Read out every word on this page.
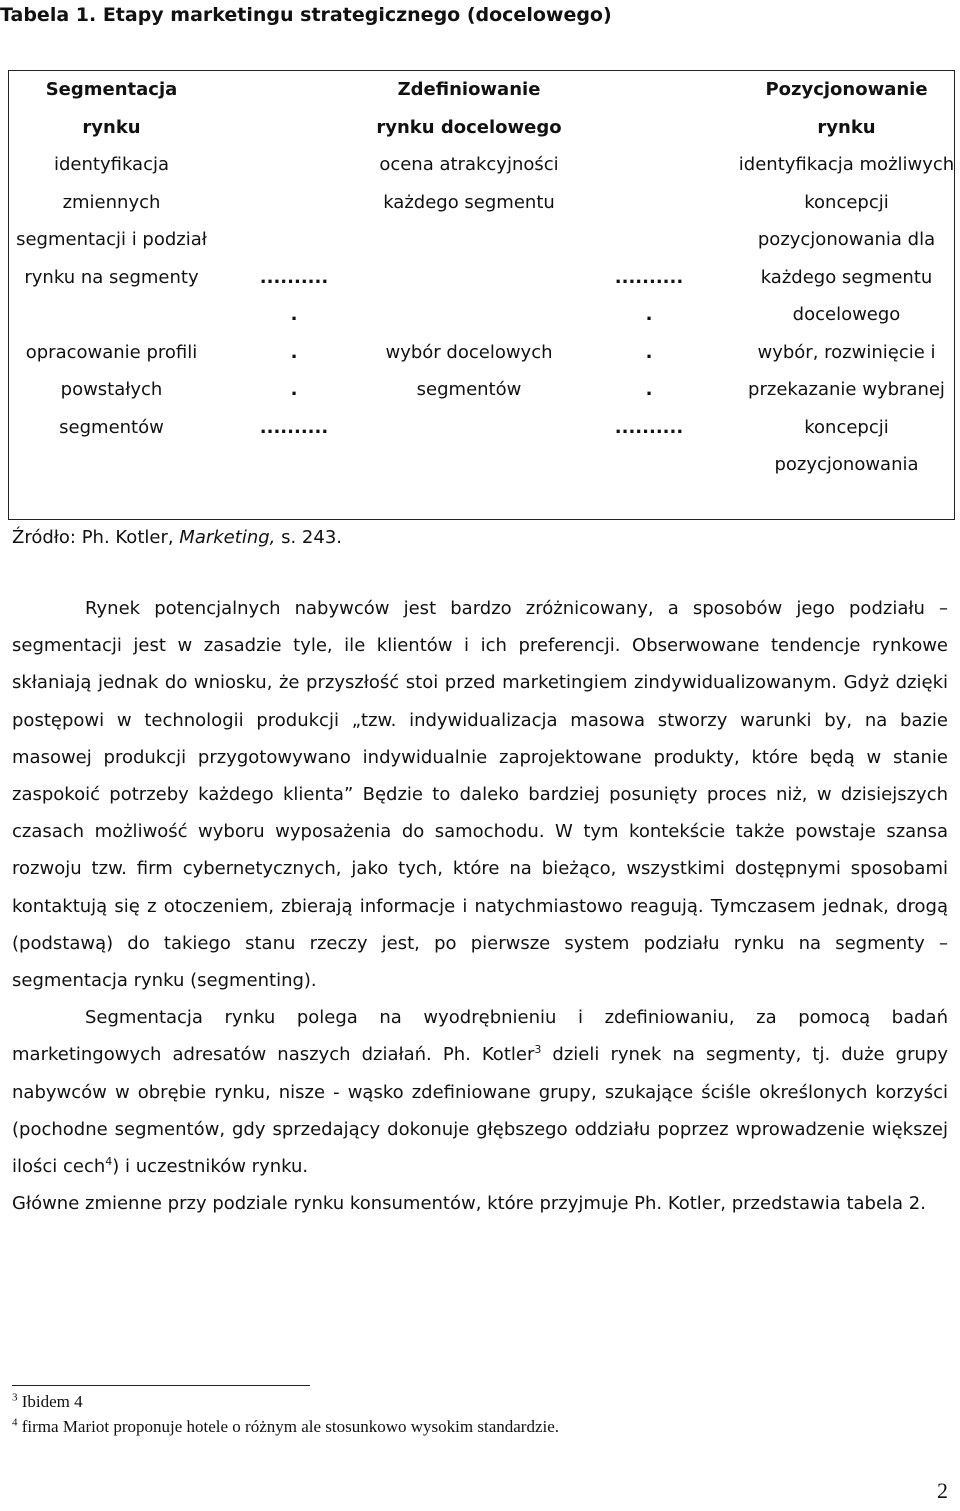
Tabela 1. Etapy marketingu strategicznego (docelowego)
Segmentacja
rynku
identyfikacja
zmiennych
segmentacji i podział
rynku na segmenty

opracowanie profili
powstałych
segmentów

..........
.
.
.
..........
Zdefiniowanie
rynku docelowego
ocena atrakcyjności
każdego segmentu

wybór docelowych
segmentów

..........
.
.
.
..........
Pozycjonowanie
rynku
identyfikacja możliwych
koncepcji
pozycjonowania dla
każdego segmentu
docelowego
wybór, rozwinięcie i
przekazanie wybranej
koncepcji
pozycjonowania
Źródło: Ph. Kotler, Marketing, s. 243.

Rynek potencjalnych nabywców jest bardzo zróżnicowany, a sposobów jego podziału – segmentacji jest w zasadzie tyle, ile klientów i ich preferencji. Obserwowane tendencje rynkowe skłaniają jednak do wniosku, że przyszłość stoi przed marketingiem zindywidualizowanym. Gdyż dzięki postępowi w technologii produkcji „tzw. indywidualizacja masowa stworzy warunki by, na bazie masowej produkcji przygotowywano indywidualnie zaprojektowane produkty, które będą w stanie zaspokoić potrzeby każdego klienta” Będzie to daleko bardziej posunięty proces niż, w dzisiejszych czasach możliwość wyboru wyposażenia do samochodu. W tym kontekście także powstaje szansa rozwoju tzw. firm cybernetycznych, jako tych, które na bieżąco, wszystkimi dostępnymi sposobami kontaktują się z otoczeniem, zbierają informacje i natychmiastowo reagują. Tymczasem jednak, drogą (podstawą) do takiego stanu rzeczy jest, po pierwsze system podziału rynku na segmenty – segmentacja rynku (segmenting).

Segmentacja rynku polega na wyodrębnieniu i zdefiniowaniu, za pomocą badań marketingowych adresatów naszych działań. Ph. Kotler$^3$ dzieli rynek na segmenty, tj. duże grupy nabywców w obrębie rynku, nisze - wąsko zdefiniowane grupy, szukające ściśle określonych korzyści (pochodne segmentów, gdy sprzedający dokonuje głębszego oddziału poprzez wprowadzenie większej ilości cech$^4$) i uczestników rynku.

Główne zmienne przy podziale rynku konsumentów, które przyjmuje Ph. Kotler, przedstawia tabela 2.

$^3$ Ibidem 4
$^4$ firma Mariot proponuje hotele o różnym ale stosunkowo wysokim standardzie.
2
